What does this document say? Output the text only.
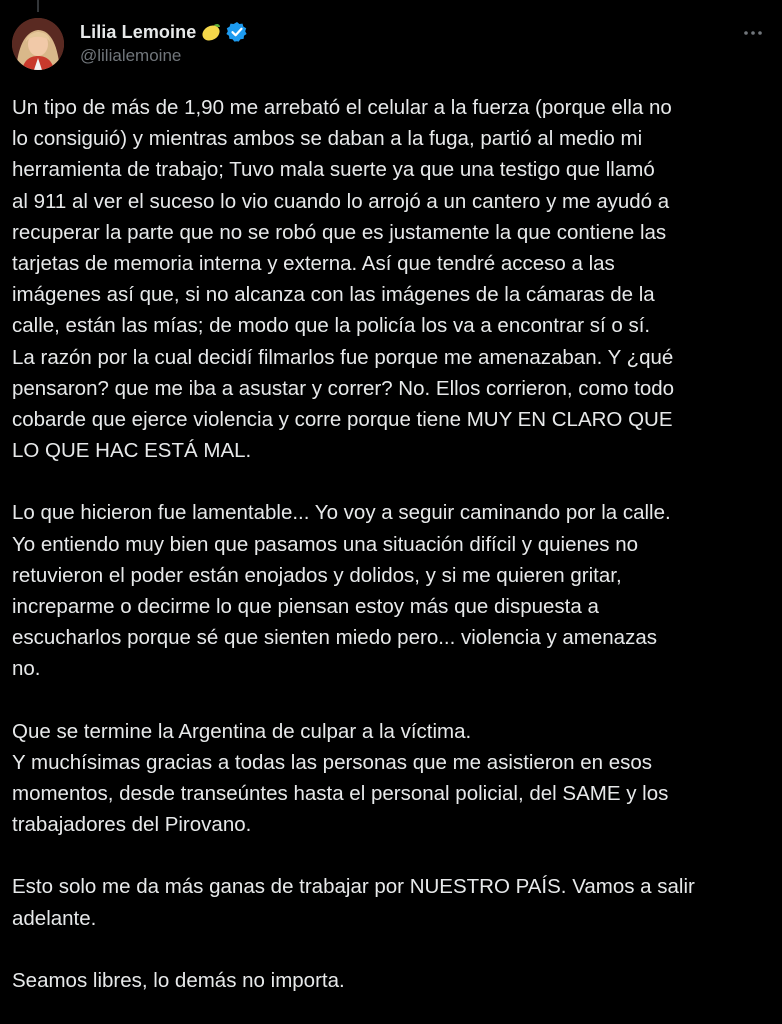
Lilia Lemoine
@lilialemoine

Un tipo de más de 1,90 me arrebató el celular a la fuerza (porque ella no
lo consiguió) y mientras ambos se daban a la fuga, partió al medio mi
herramienta de trabajo; Tuvo mala suerte ya que una testigo que llamó
al 911 al ver el suceso lo vio cuando lo arrojó a un cantero y me ayudó a
recuperar la parte que no se robó que es justamente la que contiene las
tarjetas de memoria interna y externa. Así que tendré acceso a las
imágenes así que, si no alcanza con las imágenes de la cámaras de la
calle, están las mías; de modo que la policía los va a encontrar sí o sí.
La razón por la cual decidí filmarlos fue porque me amenazaban. Y ¿qué
pensaron? que me iba a asustar y correr? No. Ellos corrieron, como todo
cobarde que ejerce violencia y corre porque tiene MUY EN CLARO QUE
LO QUE HAC ESTÁ MAL.

Lo que hicieron fue lamentable... Yo voy a seguir caminando por la calle.
Yo entiendo muy bien que pasamos una situación difícil y quienes no
retuvieron el poder están enojados y dolidos, y si me quieren gritar,
increparme o decirme lo que piensan estoy más que dispuesta a
escucharlos porque sé que sienten miedo pero... violencia y amenazas
no.

Que se termine la Argentina de culpar a la víctima.
Y muchísimas gracias a todas las personas que me asistieron en esos
momentos, desde transeúntes hasta el personal policial, del SAME y los
trabajadores del Pirovano.

Esto solo me da más ganas de trabajar por NUESTRO PAÍS. Vamos a salir
adelante.

Seamos libres, lo demás no importa.
